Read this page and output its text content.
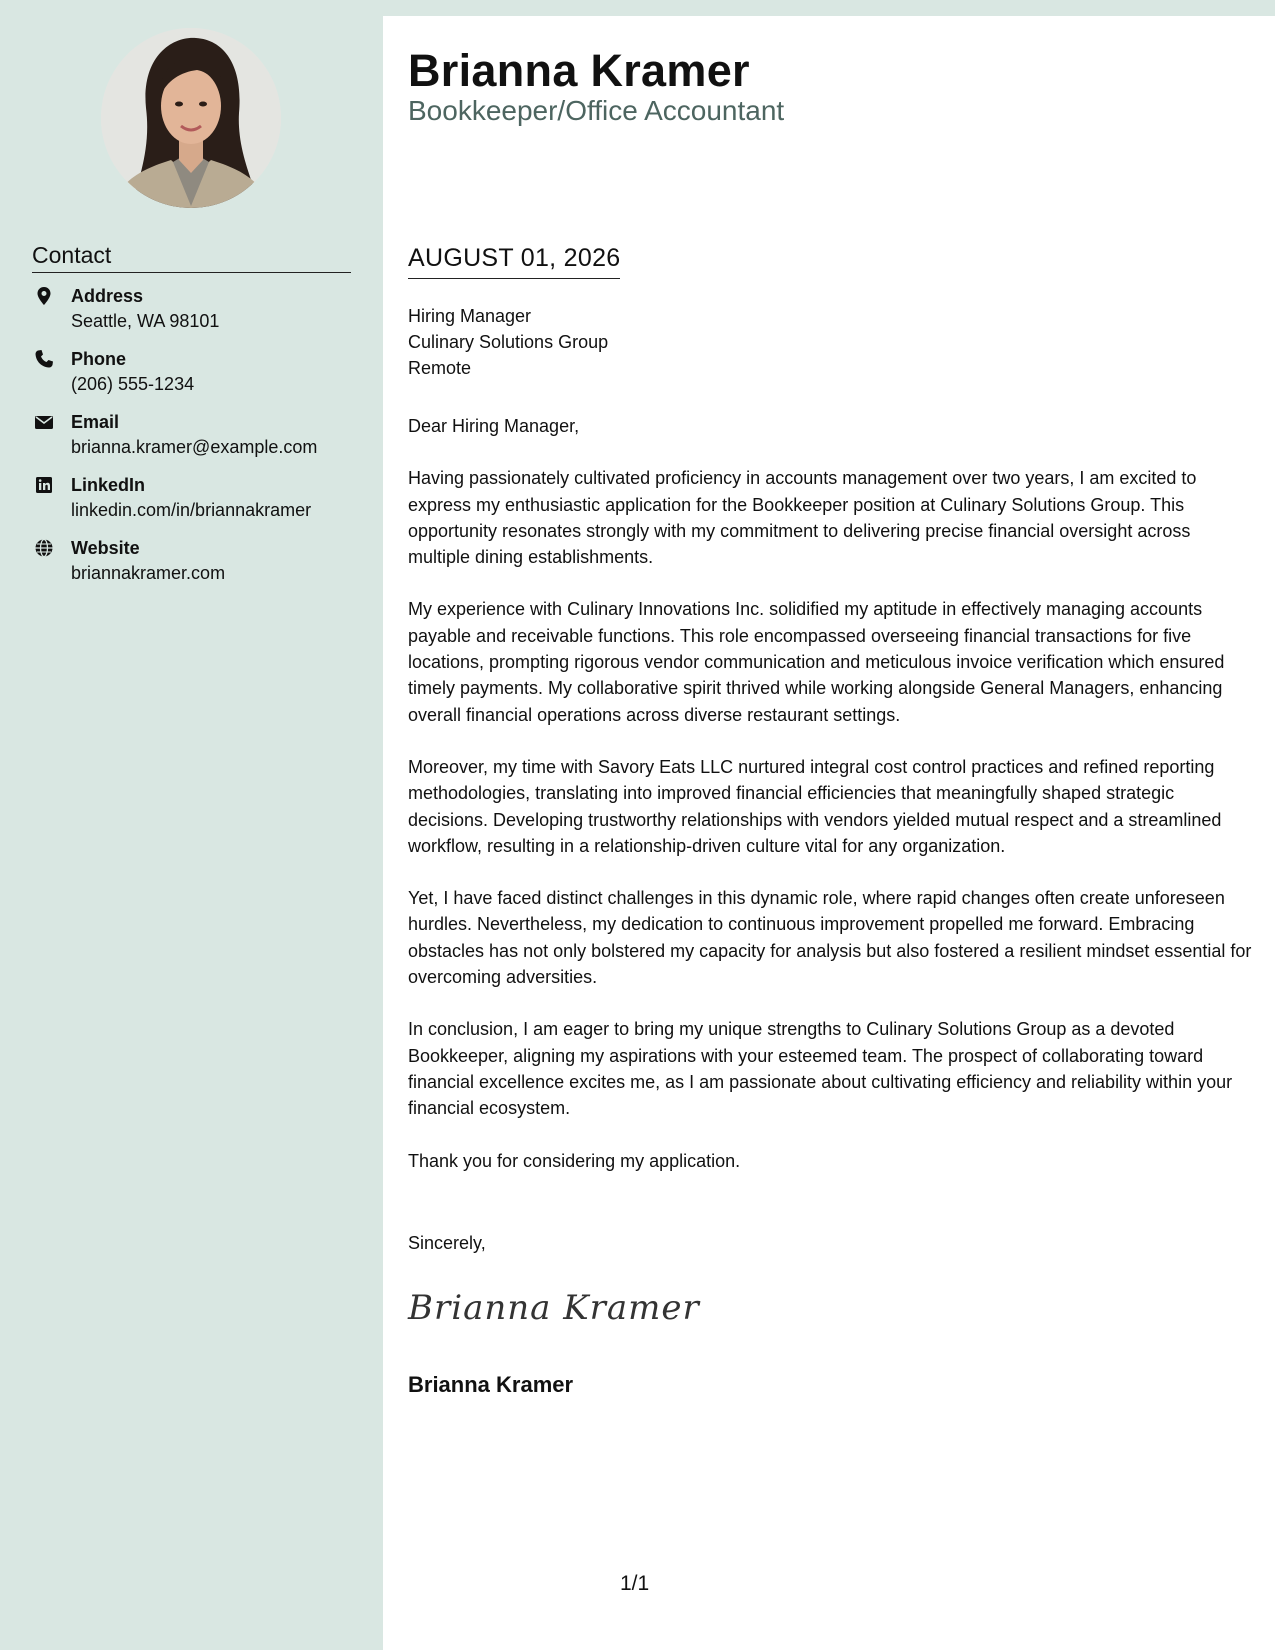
Contact
Address
Seattle, WA 98101
Phone
(206) 555-1234
Email
brianna.kramer@example.com
LinkedIn
linkedin.com/in/briannakramer
Website
briannakramer.com
Brianna Kramer
Bookkeeper/Office Accountant
AUGUST 01, 2026
Hiring Manager
Culinary Solutions Group
Remote

Dear Hiring Manager,

Having passionately cultivated proficiency in accounts management over two years, I am excited to express my enthusiastic application for the Bookkeeper position at Culinary Solutions Group. This opportunity resonates strongly with my commitment to delivering precise financial oversight across multiple dining establishments.

My experience with Culinary Innovations Inc. solidified my aptitude in effectively managing accounts payable and receivable functions. This role encompassed overseeing financial transactions for five locations, prompting rigorous vendor communication and meticulous invoice verification which ensured timely payments. My collaborative spirit thrived while working alongside General Managers, enhancing overall financial operations across diverse restaurant settings.

Moreover, my time with Savory Eats LLC nurtured integral cost control practices and refined reporting methodologies, translating into improved financial efficiencies that meaningfully shaped strategic decisions. Developing trustworthy relationships with vendors yielded mutual respect and a streamlined workflow, resulting in a relationship-driven culture vital for any organization.

Yet, I have faced distinct challenges in this dynamic role, where rapid changes often create unforeseen hurdles. Nevertheless, my dedication to continuous improvement propelled me forward. Embracing obstacles has not only bolstered my capacity for analysis but also fostered a resilient mindset essential for overcoming adversities.

In conclusion, I am eager to bring my unique strengths to Culinary Solutions Group as a devoted Bookkeeper, aligning my aspirations with your esteemed team. The prospect of collaborating toward financial excellence excites me, as I am passionate about cultivating efficiency and reliability within your financial ecosystem.

Thank you for considering my application.

Sincerely,
Brianna Kramer
Brianna Kramer
1/1
